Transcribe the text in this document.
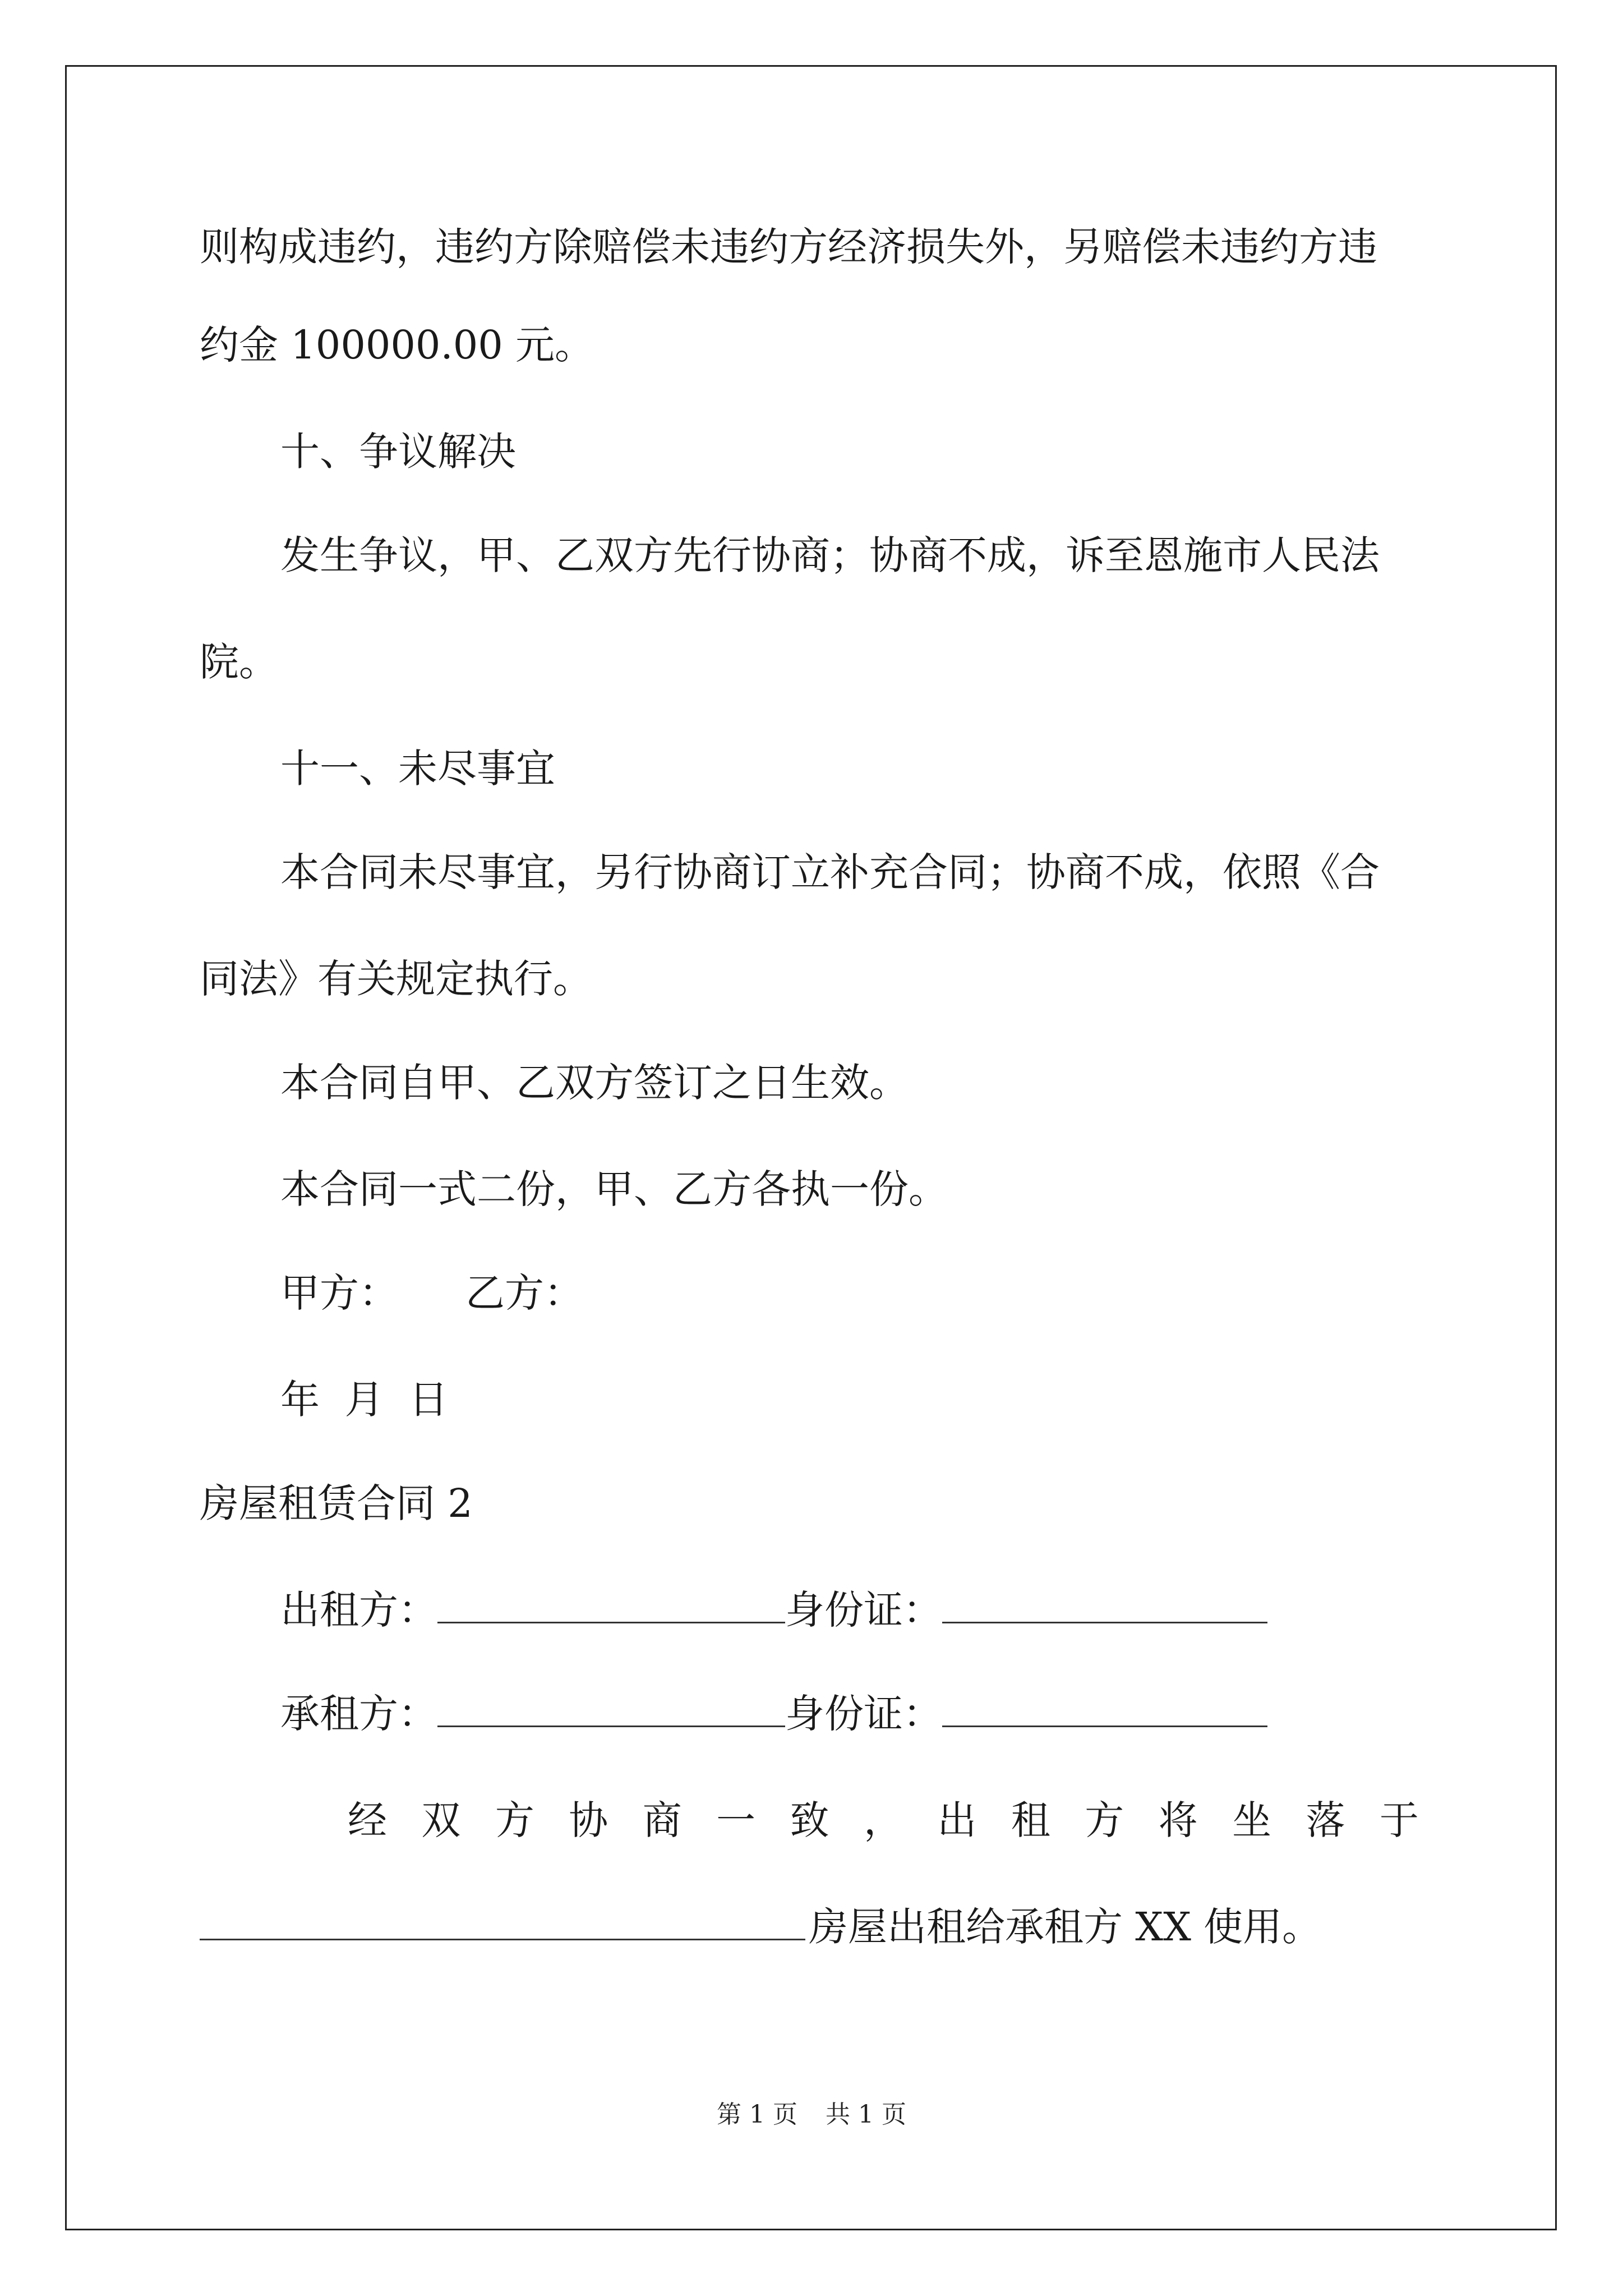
则构成违约，违约方除赔偿未违约方经济损失外，另赔偿未违约方违
约金 100000.00 元。
十、争议解决
发生争议，甲、乙双方先行协商；协商不成，诉至恩施市人民法
院。
十一、未尽事宜
本合同未尽事宜，另行协商订立补充合同；协商不成，依照《合
同法》有关规定执行。
本合同自甲、乙双方签订之日生效。
本合同一式二份，甲、乙方各执一份。
甲方： 乙方：
年  月  日
房屋租赁合同 2
出租方：	身份证：
承租方：	身份证：
经 双 方 协 商 一 致 ， 出 租 方 将 坐 落 于
房屋出租给承租方 XX 使用。
第 1 页 共 1 页
